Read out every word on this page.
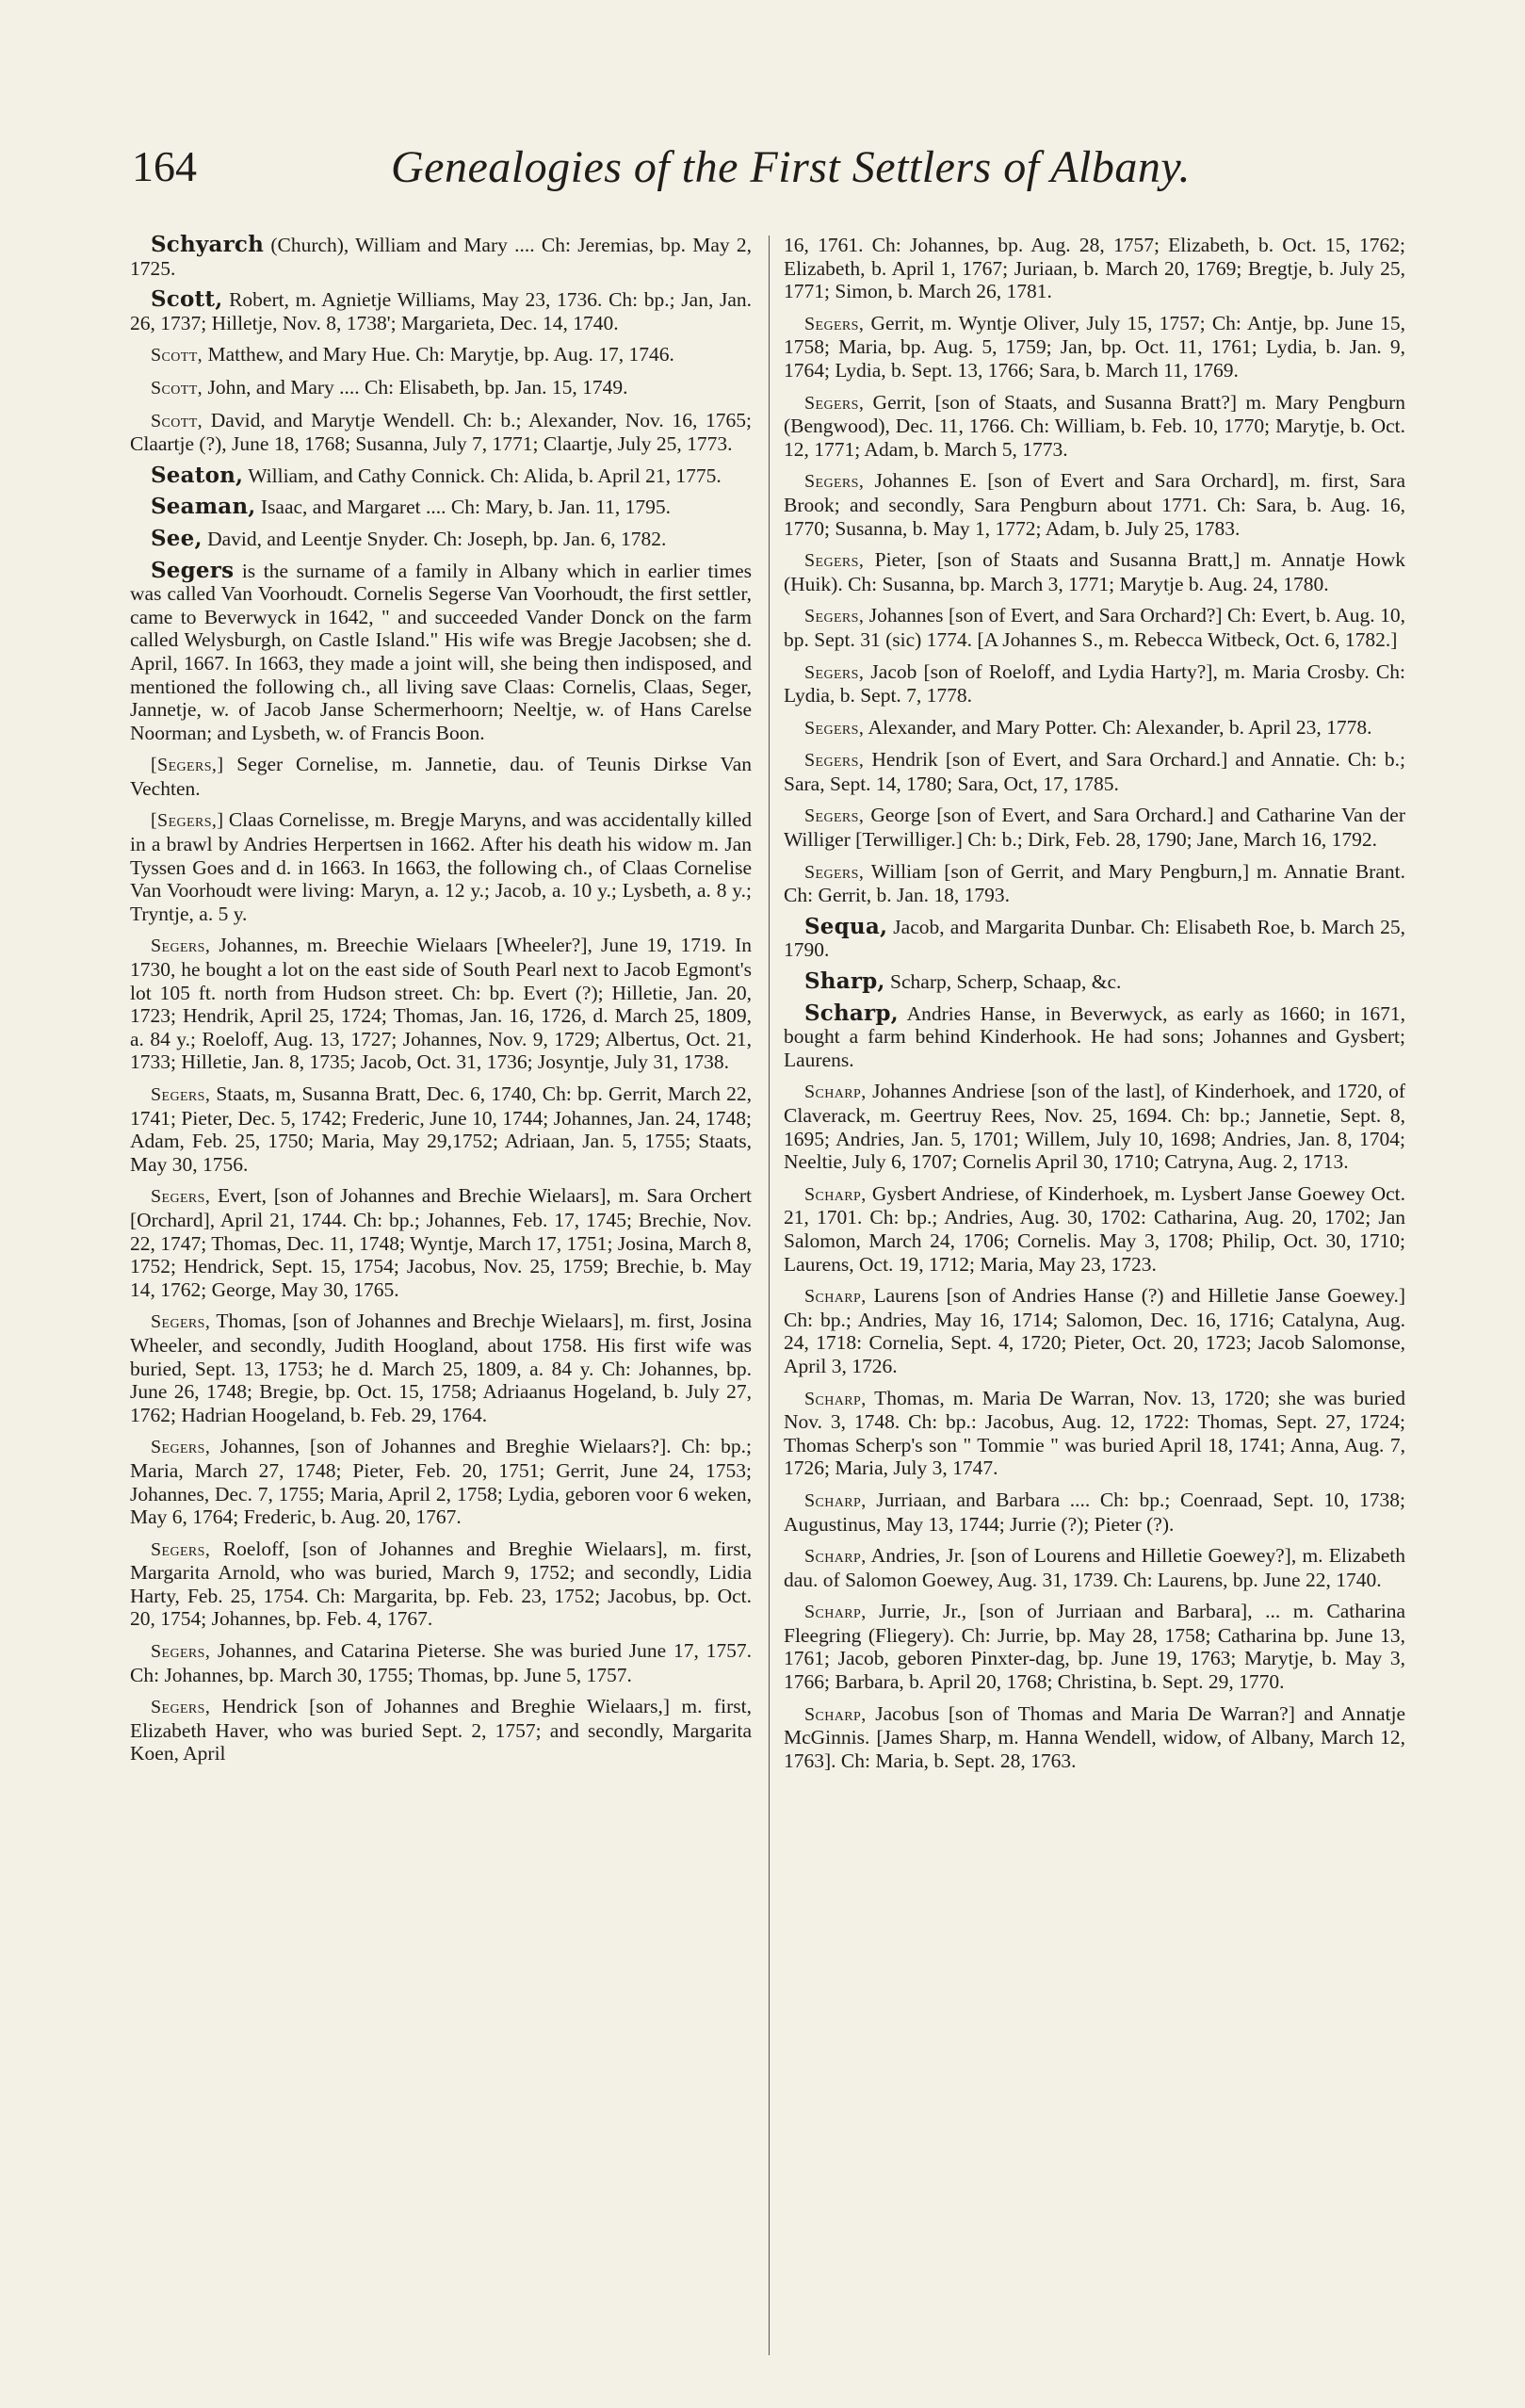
164	Genealogies of the First Settlers of Albany.

Schyarch (Church), William and Mary .... Ch: Jeremias, bp. May 2, 1725.

Scott, Robert, m. Agnietje Williams, May 23, 1736. Ch: bp.; Jan, Jan. 26, 1737; Hilletje, Nov. 8, 1738'; Margarieta, Dec. 14, 1740.

Scott, Matthew, and Mary Hue. Ch: Marytje, bp. Aug. 17, 1746.

Scott, John, and Mary .... Ch: Elisabeth, bp. Jan. 15, 1749.

Scott, David, and Marytje Wendell. Ch: b.; Alexander, Nov. 16, 1765; Claartje (?), June 18, 1768; Susanna, July 7, 1771; Claartje, July 25, 1773.

Seaton, William, and Cathy Connick. Ch: Alida, b. April 21, 1775.

Seaman, Isaac, and Margaret .... Ch: Mary, b. Jan. 11, 1795.

See, David, and Leentje Snyder. Ch: Joseph, bp. Jan. 6, 1782.

Segers is the surname of a family in Albany which in earlier times was called Van Voorhoudt. Cornelis Segerse Van Voorhoudt, the first settler, came to Beverwyck in 1642, " and succeeded Vander Donck on the farm called Welysburgh, on Castle Island." His wife was Bregje Jacobsen; she d. April, 1667. In 1663, they made a joint will, she being then indisposed, and mentioned the following ch., all living save Claas: Cornelis, Claas, Seger, Jannetje, w. of Jacob Janse Schermerhoorn; Neeltje, w. of Hans Carelse Noorman; and Lysbeth, w. of Francis Boon.

[Segers,] Seger Cornelise, m. Jannetie, dau. of Teunis Dirkse Van Vechten.

[Segers,] Claas Cornelisse, m. Bregje Maryns, and was accidentally killed in a brawl by Andries Herpertsen in 1662. After his death his widow m. Jan Tyssen Goes and d. in 1663. In 1663, the following ch., of Claas Cornelise Van Voorhoudt were living: Maryn, a. 12 y.; Jacob, a. 10 y.; Lysbeth, a. 8 y.; Tryntje, a. 5 y.

Segers, Johannes, m. Breechie Wielaars [Wheeler?], June 19, 1719. In 1730, he bought a lot on the east side of South Pearl next to Jacob Egmont's lot 105 ft. north from Hudson street. Ch: bp. Evert (?); Hilletie, Jan. 20, 1723; Hendrik, April 25, 1724; Thomas, Jan. 16, 1726, d. March 25, 1809, a. 84 y.; Roeloff, Aug. 13, 1727; Johannes, Nov. 9, 1729; Albertus, Oct. 21, 1733; Hilletie, Jan. 8, 1735; Jacob, Oct. 31, 1736; Josyntje, July 31, 1738.

Segers, Staats, m, Susanna Bratt, Dec. 6, 1740, Ch: bp. Gerrit, March 22, 1741; Pieter, Dec. 5, 1742; Frederic, June 10, 1744; Johannes, Jan. 24, 1748; Adam, Feb. 25, 1750; Maria, May 29,1752; Adriaan, Jan. 5, 1755; Staats, May 30, 1756.

Segers, Evert, [son of Johannes and Brechie Wielaars], m. Sara Orchert [Orchard], April 21, 1744. Ch: bp.; Johannes, Feb. 17, 1745; Brechie, Nov. 22, 1747; Thomas, Dec. 11, 1748; Wyntje, March 17, 1751; Josina, March 8, 1752; Hendrick, Sept. 15, 1754; Jacobus, Nov. 25, 1759; Brechie, b. May 14, 1762; George, May 30, 1765.

Segers, Thomas, [son of Johannes and Brechje Wielaars], m. first, Josina Wheeler, and secondly, Judith Hoogland, about 1758. His first wife was buried, Sept. 13, 1753; he d. March 25, 1809, a. 84 y. Ch: Johannes, bp. June 26, 1748; Bregie, bp. Oct. 15, 1758; Adriaanus Hogeland, b. July 27, 1762; Hadrian Hoogeland, b. Feb. 29, 1764.

Segers, Johannes, [son of Johannes and Breghie Wielaars?]. Ch: bp.; Maria, March 27, 1748; Pieter, Feb. 20, 1751; Gerrit, June 24, 1753; Johannes, Dec. 7, 1755; Maria, April 2, 1758; Lydia, geboren voor 6 weken, May 6, 1764; Frederic, b. Aug. 20, 1767.

Segers, Roeloff, [son of Johannes and Breghie Wielaars], m. first, Margarita Arnold, who was buried, March 9, 1752; and secondly, Lidia Harty, Feb. 25, 1754. Ch: Margarita, bp. Feb. 23, 1752; Jacobus, bp. Oct. 20, 1754; Johannes, bp. Feb. 4, 1767.

Segers, Johannes, and Catarina Pieterse. She was buried June 17, 1757. Ch: Johannes, bp. March 30, 1755; Thomas, bp. June 5, 1757.

Segers, Hendrick [son of Johannes and Breghie Wielaars,] m. first, Elizabeth Haver, who was buried Sept. 2, 1757; and secondly, Margarita Koen, April

16, 1761. Ch: Johannes, bp. Aug. 28, 1757; Elizabeth, b. Oct. 15, 1762; Elizabeth, b. April 1, 1767; Juriaan, b. March 20, 1769; Bregtje, b. July 25, 1771; Simon, b. March 26, 1781.

Segers, Gerrit, m. Wyntje Oliver, July 15, 1757; Ch: Antje, bp. June 15, 1758; Maria, bp. Aug. 5, 1759; Jan, bp. Oct. 11, 1761; Lydia, b. Jan. 9, 1764; Lydia, b. Sept. 13, 1766; Sara, b. March 11, 1769.

Segers, Gerrit, [son of Staats, and Susanna Bratt?] m. Mary Pengburn (Bengwood), Dec. 11, 1766. Ch: William, b. Feb. 10, 1770; Marytje, b. Oct. 12, 1771; Adam, b. March 5, 1773.

Segers, Johannes E. [son of Evert and Sara Orchard], m. first, Sara Brook; and secondly, Sara Pengburn about 1771. Ch: Sara, b. Aug. 16, 1770; Susanna, b. May 1, 1772; Adam, b. July 25, 1783.

Segers, Pieter, [son of Staats and Susanna Bratt,] m. Annatje Howk (Huik). Ch: Susanna, bp. March 3, 1771; Marytje b. Aug. 24, 1780.

Segers, Johannes [son of Evert, and Sara Orchard?] Ch: Evert, b. Aug. 10, bp. Sept. 31 (sic) 1774. [A Johannes S., m. Rebecca Witbeck, Oct. 6, 1782.]

Segers, Jacob [son of Roeloff, and Lydia Harty?], m. Maria Crosby. Ch: Lydia, b. Sept. 7, 1778.

Segers, Alexander, and Mary Potter. Ch: Alexander, b. April 23, 1778.

Segers, Hendrik [son of Evert, and Sara Orchard.] and Annatie. Ch: b.; Sara, Sept. 14, 1780; Sara, Oct, 17, 1785.

Segers, George [son of Evert, and Sara Orchard.] and Catharine Van der Williger [Terwilliger.] Ch: b.; Dirk, Feb. 28, 1790; Jane, March 16, 1792.

Segers, William [son of Gerrit, and Mary Pengburn,] m. Annatie Brant. Ch: Gerrit, b. Jan. 18, 1793.

Sequa, Jacob, and Margarita Dunbar. Ch: Elisabeth Roe, b. March 25, 1790.

Sharp, Scharp, Scherp, Schaap, &c.

Scharp, Andries Hanse, in Beverwyck, as early as 1660; in 1671, bought a farm behind Kinderhook. He had sons; Johannes and Gysbert; Laurens.

Scharp, Johannes Andriese [son of the last], of Kinderhoek, and 1720, of Claverack, m. Geertruy Rees, Nov. 25, 1694. Ch: bp.; Jannetie, Sept. 8, 1695; Andries, Jan. 5, 1701; Willem, July 10, 1698; Andries, Jan. 8, 1704; Neeltie, July 6, 1707; Cornelis April 30, 1710; Catryna, Aug. 2, 1713.

Scharp, Gysbert Andriese, of Kinderhoek, m. Lysbert Janse Goewey Oct. 21, 1701. Ch: bp.; Andries, Aug. 30, 1702: Catharina, Aug. 20, 1702; Jan Salomon, March 24, 1706; Cornelis. May 3, 1708; Philip, Oct. 30, 1710; Laurens, Oct. 19, 1712; Maria, May 23, 1723.

Scharp, Laurens [son of Andries Hanse (?) and Hilletie Janse Goewey.] Ch: bp.; Andries, May 16, 1714; Salomon, Dec. 16, 1716; Catalyna, Aug. 24, 1718: Cornelia, Sept. 4, 1720; Pieter, Oct. 20, 1723; Jacob Salomonse, April 3, 1726.

Scharp, Thomas, m. Maria De Warran, Nov. 13, 1720; she was buried Nov. 3, 1748. Ch: bp.: Jacobus, Aug. 12, 1722: Thomas, Sept. 27, 1724; Thomas Scherp's son " Tommie " was buried April 18, 1741; Anna, Aug. 7, 1726; Maria, July 3, 1747.

Scharp, Jurriaan, and Barbara .... Ch: bp.; Coenraad, Sept. 10, 1738; Augustinus, May 13, 1744; Jurrie (?); Pieter (?).

Scharp, Andries, Jr. [son of Lourens and Hilletie Goewey?], m. Elizabeth dau. of Salomon Goewey, Aug. 31, 1739. Ch: Laurens, bp. June 22, 1740.

Scharp, Jurrie, Jr., [son of Jurriaan and Barbara], ... m. Catharina Fleegring (Fliegery). Ch: Jurrie, bp. May 28, 1758; Catharina bp. June 13, 1761; Jacob, geboren Pinxter-dag, bp. June 19, 1763; Marytje, b. May 3, 1766; Barbara, b. April 20, 1768; Christina, b. Sept. 29, 1770.

Scharp, Jacobus [son of Thomas and Maria De Warran?] and Annatje McGinnis. [James Sharp, m. Hanna Wendell, widow, of Albany, March 12, 1763]. Ch: Maria, b. Sept. 28, 1763.
